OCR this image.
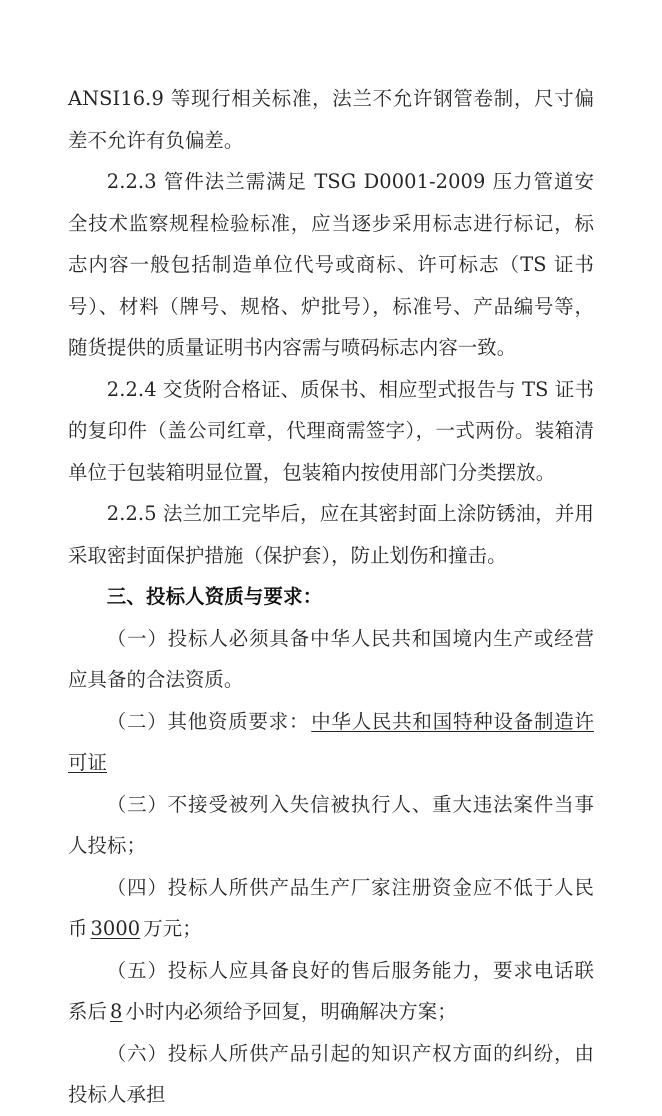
ANSI16.9 等现行相关标准，法兰不允许钢管卷制，尺寸偏差不允许有负偏差。

2.2.3 管件法兰需满足 TSG D0001-2009 压力管道安全技术监察规程检验标准，应当逐步采用标志进行标记，标志内容一般包括制造单位代号或商标、许可标志（TS 证书号）、材料（牌号、规格、炉批号），标准号、产品编号等，随货提供的质量证明书内容需与喷码标志内容一致。

2.2.4 交货附合格证、质保书、相应型式报告与 TS 证书的复印件（盖公司红章，代理商需签字），一式两份。装箱清单位于包装箱明显位置，包装箱内按使用部门分类摆放。

2.2.5 法兰加工完毕后，应在其密封面上涂防锈油，并用采取密封面保护措施（保护套），防止划伤和撞击。

三、投标人资质与要求：

（一）投标人必须具备中华人民共和国境内生产或经营应具备的合法资质。

（二）其他资质要求： 中华人民共和国特种设备制造许可证

（三）不接受被列入失信被执行人、重大违法案件当事人投标；

（四）投标人所供产品生产厂家注册资金应不低于人民币 3000 万元；

（五）投标人应具备良好的售后服务能力，要求电话联系后 8 小时内必须给予回复，明确解决方案；

（六）投标人所供产品引起的知识产权方面的纠纷，由投标人承担
